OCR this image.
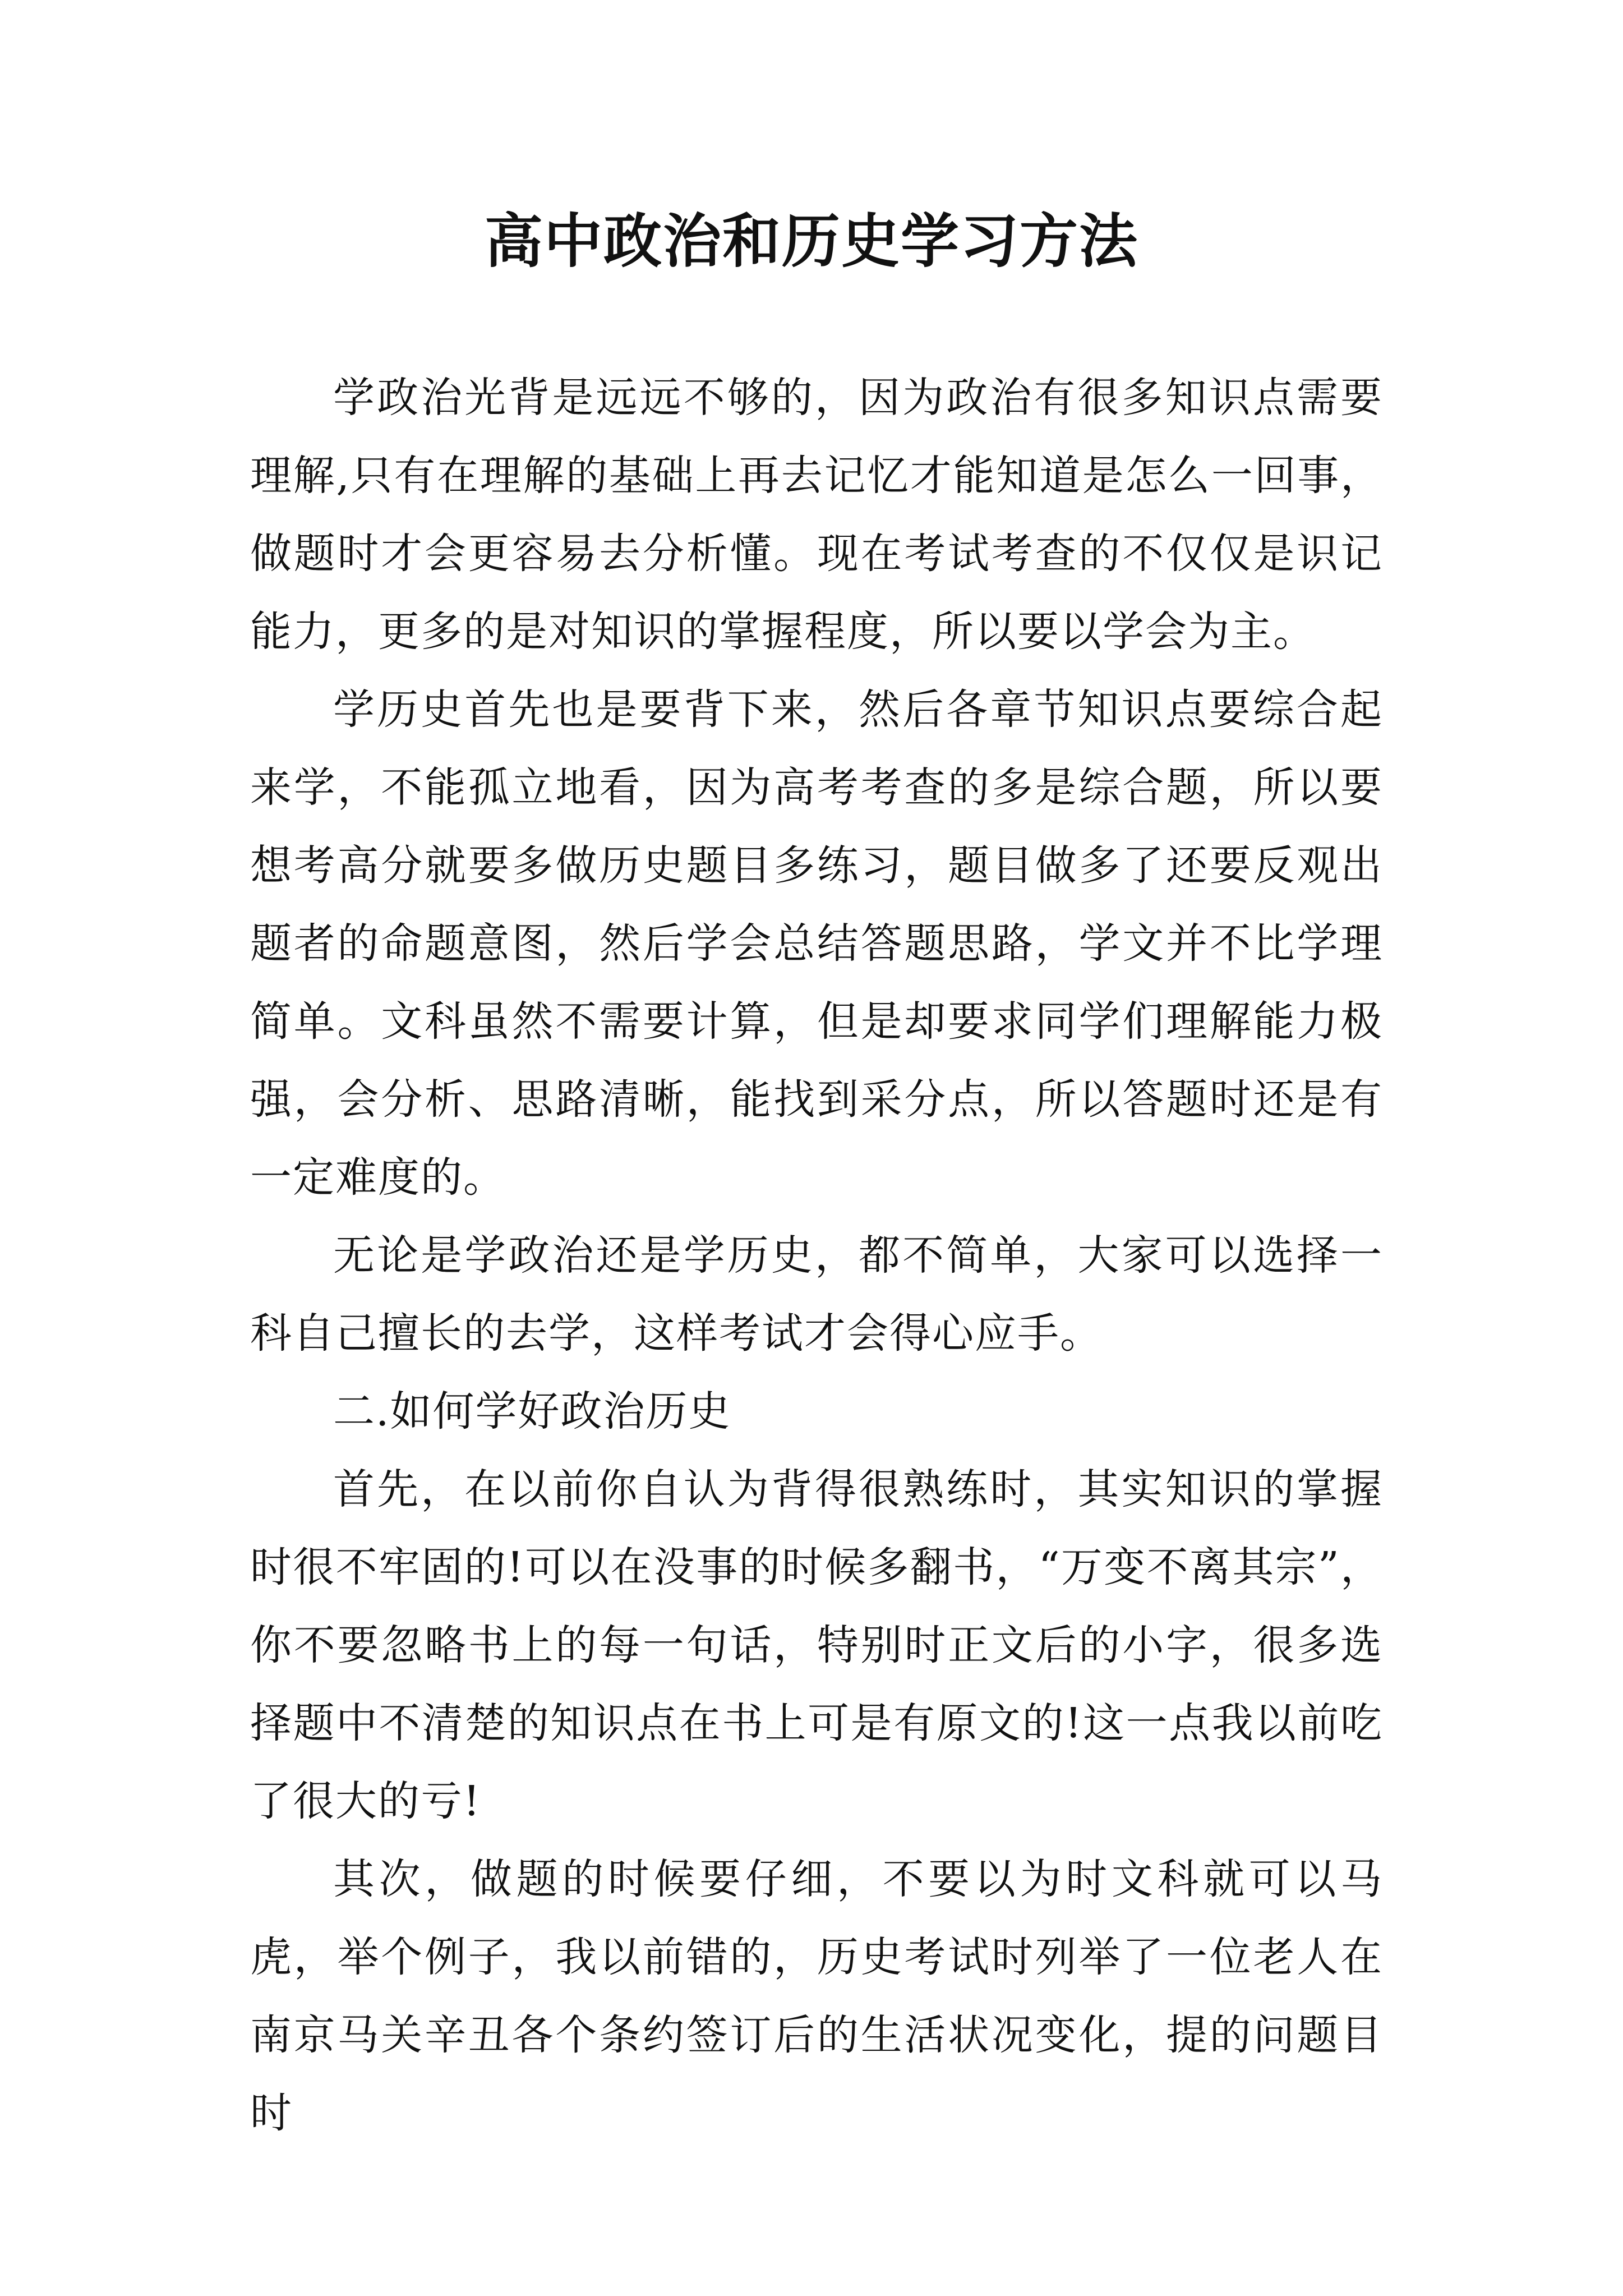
高中政治和历史学习方法

学政治光背是远远不够的，因为政治有很多知识点需要理解,只有在理解的基础上再去记忆才能知道是怎么一回事，做题时才会更容易去分析懂。现在考试考查的不仅仅是识记能力，更多的是对知识的掌握程度，所以要以学会为主。

学历史首先也是要背下来，然后各章节知识点要综合起来学，不能孤立地看，因为高考考查的多是综合题，所以要想考高分就要多做历史题目多练习，题目做多了还要反观出题者的命题意图，然后学会总结答题思路，学文并不比学理简单。文科虽然不需要计算，但是却要求同学们理解能力极强，会分析、思路清晰，能找到采分点，所以答题时还是有一定难度的。

无论是学政治还是学历史，都不简单，大家可以选择一科自己擅长的去学，这样考试才会得心应手。

二.如何学好政治历史

首先，在以前你自认为背得很熟练时，其实知识的掌握时很不牢固的!可以在没事的时候多翻书，“万变不离其宗”，你不要忽略书上的每一句话，特别时正文后的小字，很多选择题中不清楚的知识点在书上可是有原文的!这一点我以前吃了很大的亏!

其次，做题的时候要仔细，不要以为时文科就可以马虎，举个例子，我以前错的，历史考试时列举了一位老人在南京马关辛丑各个条约签订后的生活状况变化，提的问题目时
